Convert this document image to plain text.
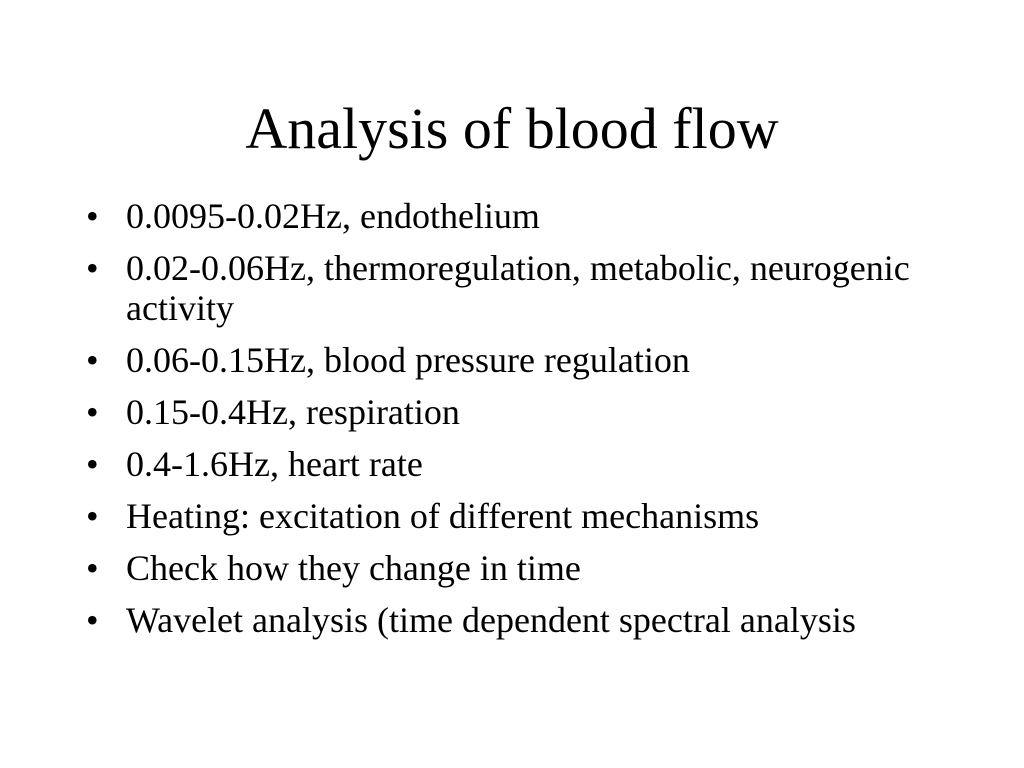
Analysis of blood flow
• 0.0095-0.02Hz, endothelium
• 0.02-0.06Hz, thermoregulation, metabolic, neurogenic activity
• 0.06-0.15Hz, blood pressure regulation
• 0.15-0.4Hz, respiration
• 0.4-1.6Hz, heart rate
• Heating: excitation of different mechanisms
• Check how they change in time
• Wavelet analysis (time dependent spectral analysis
